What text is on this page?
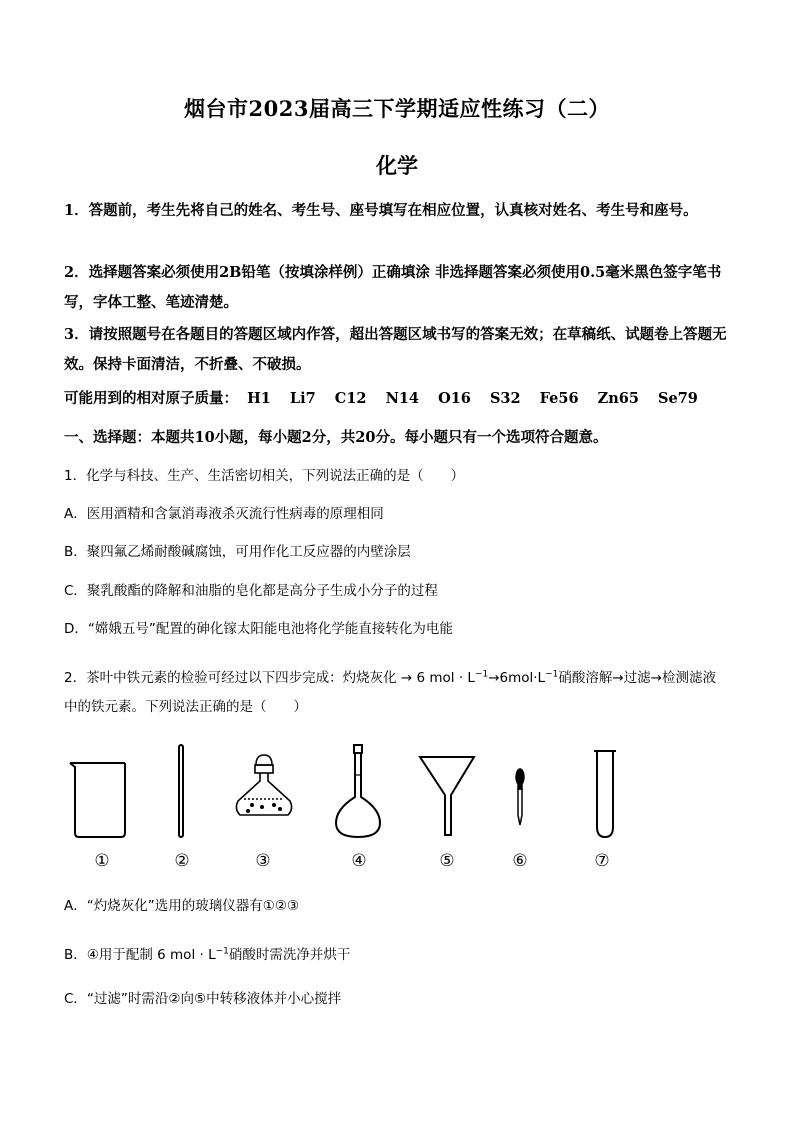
烟台市2023届高三下学期适应性练习（二）
化学
1．答题前，考生先将自己的姓名、考生号、座号填写在相应位置，认真核对姓名、考生号和座号。
2．选择题答案必须使用2B铅笔（按填涂样例）正确填涂 非选择题答案必须使用0.5毫米黑色签字笔书写，字体工整、笔迹清楚。
3．请按照题号在各题目的答题区域内作答，超出答题区域书写的答案无效；在草稿纸、试题卷上答题无效。保持卡面清洁，不折叠、不破损。
可能用到的相对原子质量： H1 Li7 C12 N14 O16 S32 Fe56 Zn65 Se79
一、选择题：本题共10小题，每小题2分，共20分。每小题只有一个选项符合题意。
1．化学与科技、生产、生活密切相关，下列说法正确的是（　　）
A．医用酒精和含氯消毒液杀灭流行性病毒的原理相同
B．聚四氟乙烯耐酸碱腐蚀，可用作化工反应器的内壁涂层
C．聚乳酸酯的降解和油脂的皂化都是高分子生成小分子的过程
D．“嫦娥五号”配置的砷化镓太阳能电池将化学能直接转化为电能
2．茶叶中铁元素的检验可经过以下四步完成：灼烧灰化 → 6 mol · $L^{-1}\to 6mol\cdot L^{-1}$硝酸溶解→过滤→检测滤液
中的铁元素。下列说法正确的是（　　）
①	②	③	④	⑤	⑥	⑦
A．“灼烧灰化”选用的玻璃仪器有①②③
B．④用于配制 6 mol · $L^{-1}$硝酸时需洗净并烘干
C．“过滤”时需沿②向⑤中转移液体并小心搅拌
